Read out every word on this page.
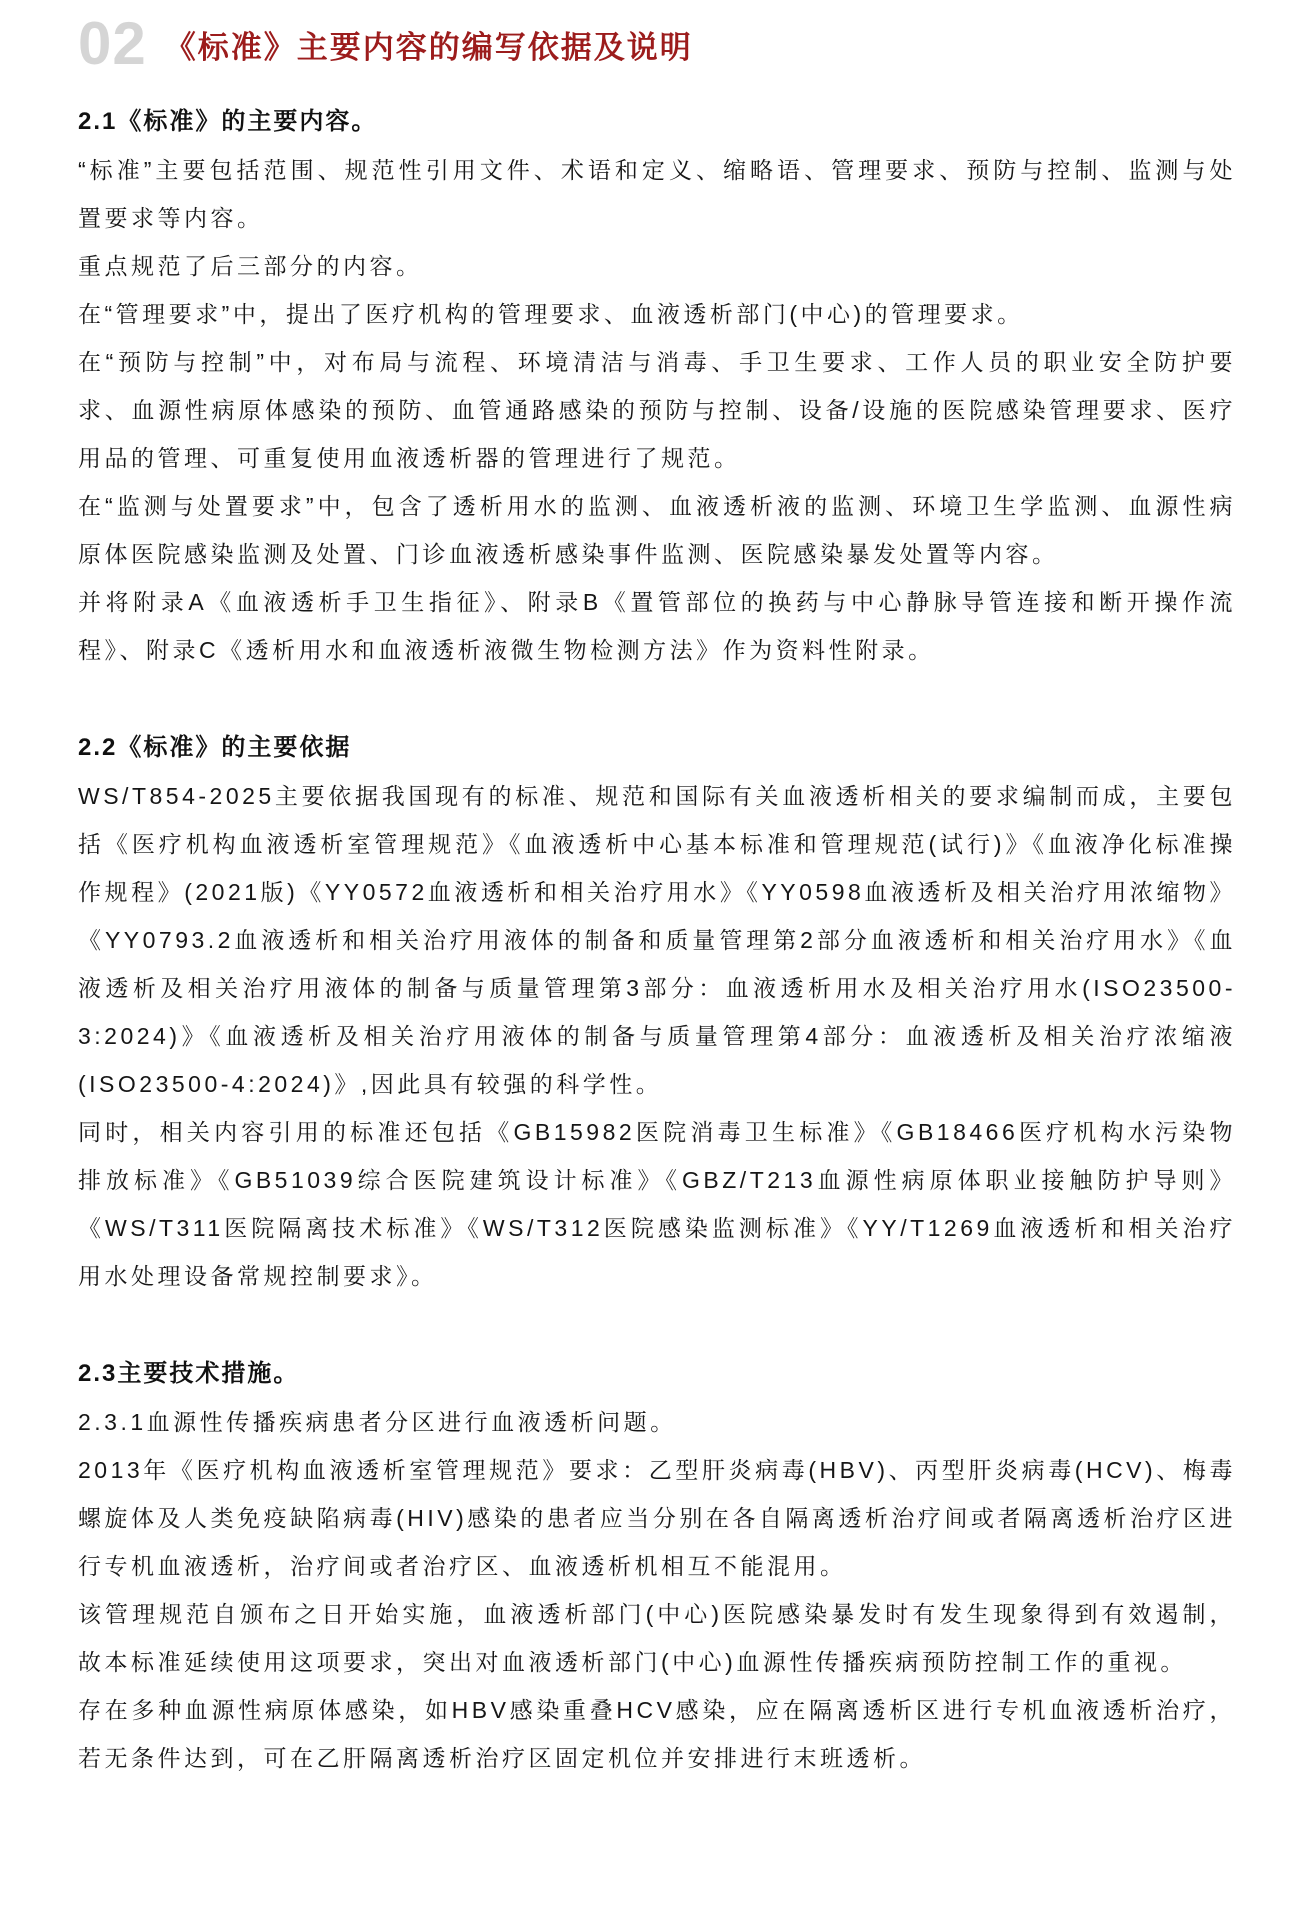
02 《标准》主要内容的编写依据及说明
2.1《标准》的主要内容。

“标准”主要包括范围、规范性引用文件、术语和定义、缩略语、管理要求、预防与控制、监测与处置要求等内容。

重点规范了后三部分的内容。

在“管理要求”中，提出了医疗机构的管理要求、血液透析部门(中心)的管理要求。

在“预防与控制”中，对布局与流程、环境清洁与消毒、手卫生要求、工作人员的职业安全防护要求、血源性病原体感染的预防、血管通路感染的预防与控制、设备/设施的医院感染管理要求、医疗用品的管理、可重复使用血液透析器的管理进行了规范。

在“监测与处置要求”中，包含了透析用水的监测、血液透析液的监测、环境卫生学监测、血源性病原体医院感染监测及处置、门诊血液透析感染事件监测、医院感染暴发处置等内容。

并将附录A《血液透析手卫生指征》、附录B《置管部位的换药与中心静脉导管连接和断开操作流程》、附录C《透析用水和血液透析液微生物检测方法》作为资料性附录。

2.2《标准》的主要依据

WS/T854-2025主要依据我国现有的标准、规范和国际有关血液透析相关的要求编制而成，主要包括《医疗机构血液透析室管理规范》《血液透析中心基本标准和管理规范(试行)》《血液净化标准操作规程》(2021版)《YY0572血液透析和相关治疗用水》《YY0598血液透析及相关治疗用浓缩物》《YY0793.2血液透析和相关治疗用液体的制备和质量管理第2部分血液透析和相关治疗用水》《血液透析及相关治疗用液体的制备与质量管理第3部分：血液透析用水及相关治疗用水(ISO23500-3:2024)》《血液透析及相关治疗用液体的制备与质量管理第4部分：血液透析及相关治疗浓缩液(ISO23500-4:2024)》,因此具有较强的科学性。

同时，相关内容引用的标准还包括《GB15982医院消毒卫生标准》《GB18466医疗机构水污染物排放标准》《GB51039综合医院建筑设计标准》《GBZ/T213血源性病原体职业接触防护导则》《WS/T311医院隔离技术标准》《WS/T312医院感染监测标准》《YY/T1269血液透析和相关治疗用水处理设备常规控制要求》。

2.3主要技术措施。

2.3.1血源性传播疾病患者分区进行血液透析问题。

2013年《医疗机构血液透析室管理规范》要求：乙型肝炎病毒(HBV)、丙型肝炎病毒(HCV)、梅毒螺旋体及人类免疫缺陷病毒(HIV)感染的患者应当分别在各自隔离透析治疗间或者隔离透析治疗区进行专机血液透析，治疗间或者治疗区、血液透析机相互不能混用。

该管理规范自颁布之日开始实施，血液透析部门(中心)医院感染暴发时有发生现象得到有效遏制，故本标准延续使用这项要求，突出对血液透析部门(中心)血源性传播疾病预防控制工作的重视。

存在多种血源性病原体感染，如HBV感染重叠HCV感染，应在隔离透析区进行专机血液透析治疗，若无条件达到，可在乙肝隔离透析治疗区固定机位并安排进行末班透析。
